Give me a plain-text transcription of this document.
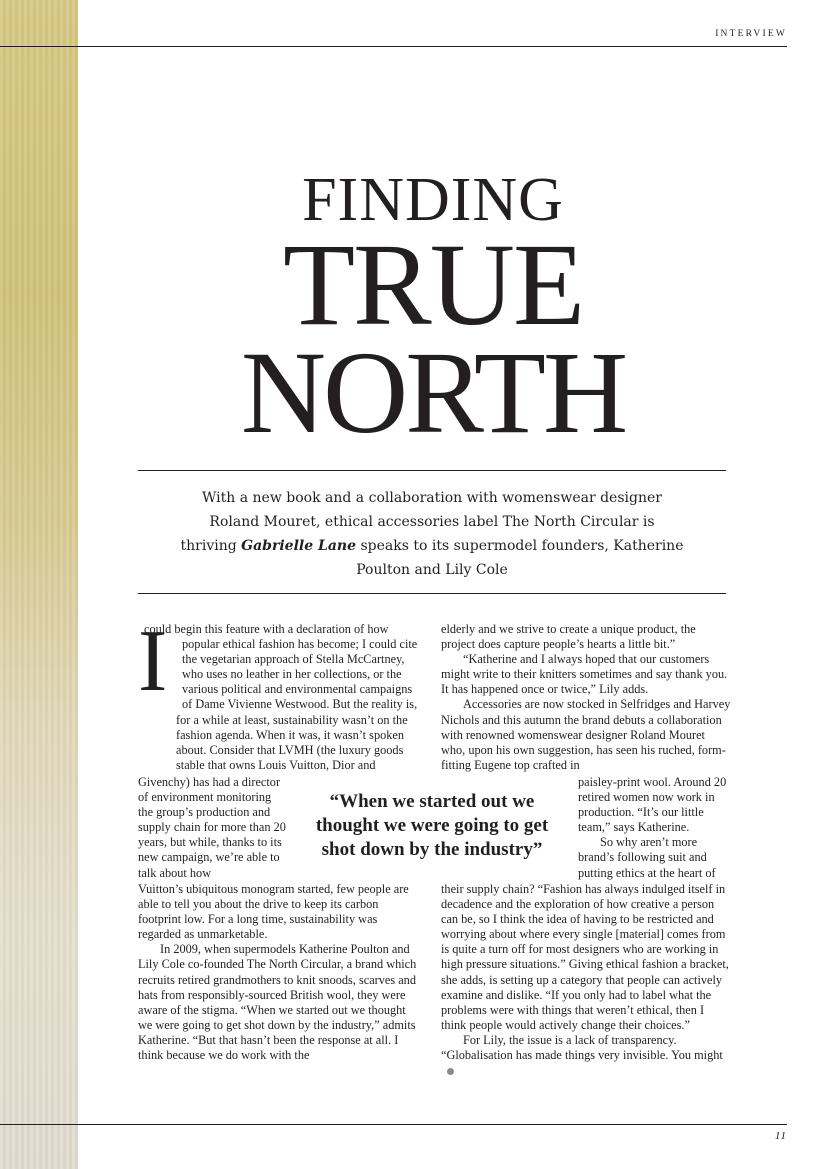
INTERVIEW
FINDING
TRUE
NORTH

With a new book and a collaboration with womenswear designer Roland Mouret, ethical accessories label The North Circular is thriving Gabrielle Lane speaks to its supermodel founders, Katherine Poulton and Lily Cole

I
could begin this feature with a declaration of how popular ethical fashion has become; I could cite the vegetarian approach of Stella McCartney, who uses no leather in her collections, or the various political and environmental campaigns of Dame Vivienne Westwood. But the reality is, for a while at least, sustainability wasn’t on the fashion agenda. When it was, it wasn’t spoken about. Consider that LVMH (the luxury goods stable that owns Louis Vuitton, Dior and

Givenchy) has had a director of environment monitoring the group’s production and supply chain for more than 20 years, but while, thanks to its new campaign, we’re able to talk about how

Vuitton’s ubiquitous monogram started, few people are able to tell you about the drive to keep its carbon footprint low. For a long time, sustainability was regarded as unmarketable.

In 2009, when supermodels Katherine Poulton and Lily Cole co-founded The North Circular, a brand which recruits retired grandmothers to knit snoods, scarves and hats from responsibly-sourced British wool, they were aware of the stigma. “When we started out we thought we were going to get shot down by the industry,” admits Katherine. “But that hasn’t been the response at all. I think because we do work with the

“When we started out we thought we were going to get shot down by the industry”

elderly and we strive to create a unique product, the project does capture people’s hearts a little bit.”

“Katherine and I always hoped that our customers might write to their knitters sometimes and say thank you. It has happened once or twice,” Lily adds.

Accessories are now stocked in Selfridges and Harvey Nichols and this autumn the brand debuts a collaboration with renowned womenswear designer Roland Mouret who, upon his own suggestion, has seen his ruched, form-fitting Eugene top crafted in

paisley-print wool. Around 20 retired women now work in production. “It’s our little team,” says Katherine.

So why aren’t more brand’s following suit and putting ethics at the heart of

their supply chain? “Fashion has always indulged itself in decadence and the exploration of how creative a person can be, so I think the idea of having to be restricted and worrying about where every single [material] comes from is quite a turn off for most designers who are working in high pressure situations.” Giving ethical fashion a bracket, she adds, is setting up a category that people can actively examine and dislike. “If you only had to label what the problems were with things that weren’t ethical, then I think people would actively change their choices.”

For Lily, the issue is a lack of transparency. “Globalisation has made things very invisible. You might

11
